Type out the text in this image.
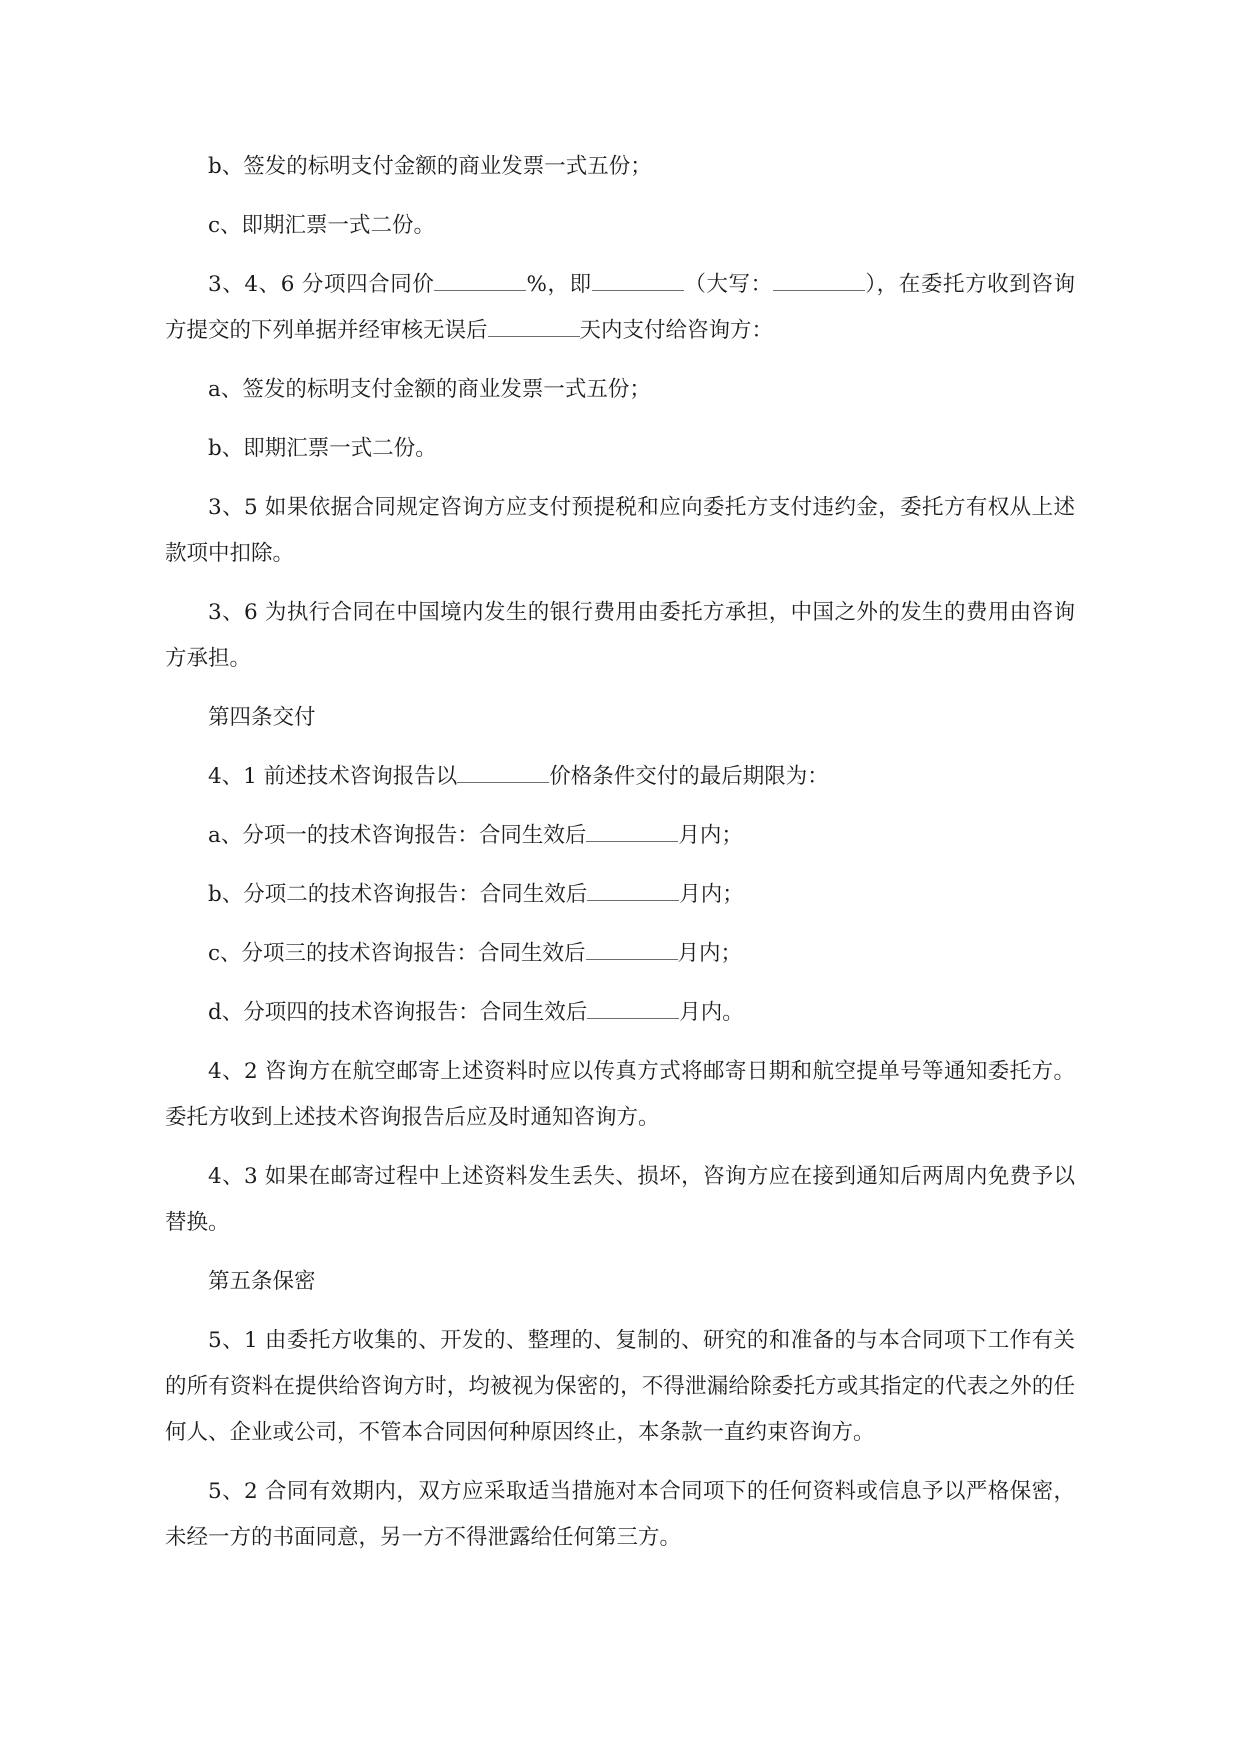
b、签发的标明支付金额的商业发票一式五份；

c、即期汇票一式二份。

3、4、6 分项四合同价	%，即	（大写：	），在委托方收到咨询方提交的下列单据并经审核无误后	天内支付给咨询方：

a、签发的标明支付金额的商业发票一式五份；

b、即期汇票一式二份。

3、5 如果依据合同规定咨询方应支付预提税和应向委托方支付违约金，委托方有权从上述款项中扣除。

3、6 为执行合同在中国境内发生的银行费用由委托方承担，中国之外的发生的费用由咨询方承担。

第四条交付

4、1 前述技术咨询报告以	价格条件交付的最后期限为：

a、分项一的技术咨询报告：合同生效后	月内；

b、分项二的技术咨询报告：合同生效后	月内；

c、分项三的技术咨询报告：合同生效后	月内；

d、分项四的技术咨询报告：合同生效后	月内。

4、2 咨询方在航空邮寄上述资料时应以传真方式将邮寄日期和航空提单号等通知委托方。委托方收到上述技术咨询报告后应及时通知咨询方。

4、3 如果在邮寄过程中上述资料发生丢失、损坏，咨询方应在接到通知后两周内免费予以替换。

第五条保密

5、1 由委托方收集的、开发的、整理的、复制的、研究的和准备的与本合同项下工作有关的所有资料在提供给咨询方时，均被视为保密的，不得泄漏给除委托方或其指定的代表之外的任何人、企业或公司，不管本合同因何种原因终止，本条款一直约束咨询方。

5、2 合同有效期内，双方应采取适当措施对本合同项下的任何资料或信息予以严格保密，未经一方的书面同意，另一方不得泄露给任何第三方。
